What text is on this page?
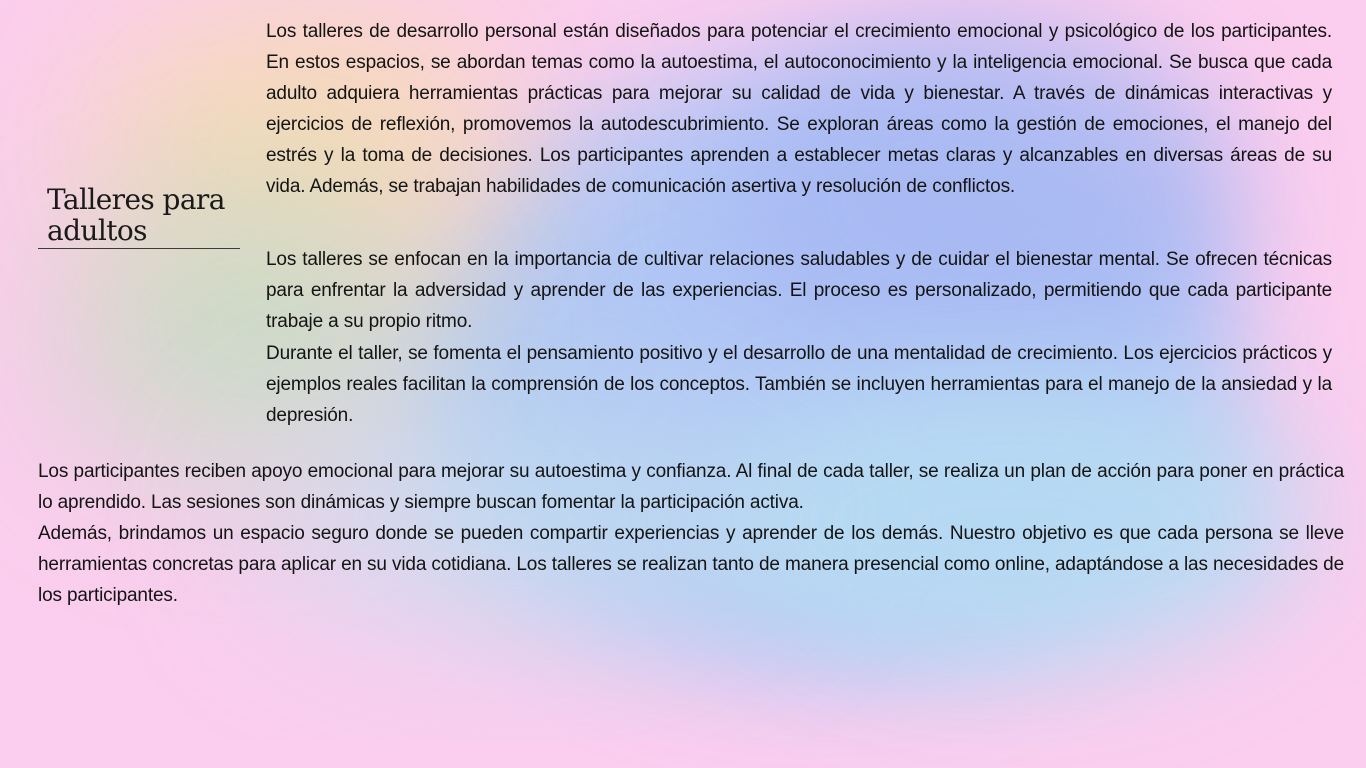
Talleres para adultos

Los talleres de desarrollo personal están diseñados para potenciar el crecimiento emocional y psicológico de los participantes. En estos espacios, se abordan temas como la autoestima, el autoconocimiento y la inteligencia emocional. Se busca que cada adulto adquiera herramientas prácticas para mejorar su calidad de vida y bienestar. A través de dinámicas interactivas y ejercicios de reflexión, promovemos la autodescubrimiento. Se exploran áreas como la gestión de emociones, el manejo del estrés y la toma de decisiones. Los participantes aprenden a establecer metas claras y alcanzables en diversas áreas de su vida. Además, se trabajan habilidades de comunicación asertiva y resolución de conflictos.

Los talleres se enfocan en la importancia de cultivar relaciones saludables y de cuidar el bienestar mental. Se ofrecen técnicas para enfrentar la adversidad y aprender de las experiencias. El proceso es personalizado, permitiendo que cada participante trabaje a su propio ritmo.

Durante el taller, se fomenta el pensamiento positivo y el desarrollo de una mentalidad de crecimiento. Los ejercicios prácticos y ejemplos reales facilitan la comprensión de los conceptos. También se incluyen herramientas para el manejo de la ansiedad y la depresión.

Los participantes reciben apoyo emocional para mejorar su autoestima y confianza. Al final de cada taller, se realiza un plan de acción para poner en práctica lo aprendido. Las sesiones son dinámicas y siempre buscan fomentar la participación activa.

Además, brindamos un espacio seguro donde se pueden compartir experiencias y aprender de los demás. Nuestro objetivo es que cada persona se lleve herramientas concretas para aplicar en su vida cotidiana. Los talleres se realizan tanto de manera presencial como online, adaptándose a las necesidades de los participantes.
